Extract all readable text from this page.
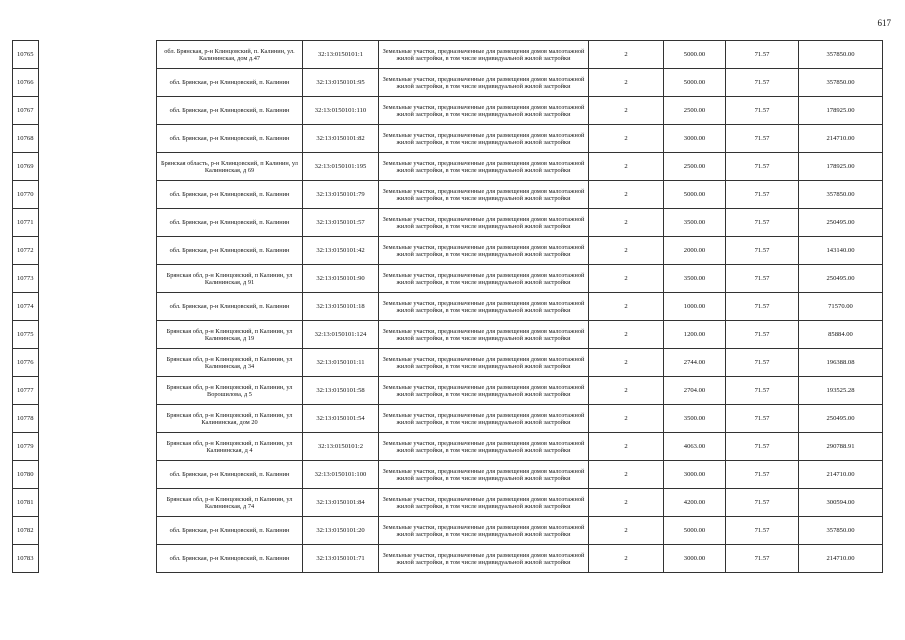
617
10765		обл. Брянская, р-н Клинцовский, п. Калинин, ул. Калининская, дом д.47	32:13:0150101:1	Земельные участки, предназначенные для размещения домов малоэтажной жилой застройки, в том числе индивидуальной жилой застройки	2	5000.00	71.57	357850.00
10766		обл. Брянская, р-н Клинцовский, п. Калинин	32:13:0150101:95	Земельные участки, предназначенные для размещения домов малоэтажной жилой застройки, в том числе индивидуальной жилой застройки	2	5000.00	71.57	357850.00
10767		обл. Брянская, р-н Клинцовский, п. Калинин	32:13:0150101:110	Земельные участки, предназначенные для размещения домов малоэтажной жилой застройки, в том числе индивидуальной жилой застройки	2	2500.00	71.57	178925.00
10768		обл. Брянская, р-н Клинцовский, п. Калинин	32:13:0150101:82	Земельные участки, предназначенные для размещения домов малоэтажной жилой застройки, в том числе индивидуальной жилой застройки	2	3000.00	71.57	214710.00
10769		Брянская область, р-н Клинцовский, п Калинин, ул Калининская, д 69	32:13:0150101:195	Земельные участки, предназначенные для размещения домов малоэтажной жилой застройки, в том числе индивидуальной жилой застройки	2	2500.00	71.57	178925.00
10770		обл. Брянская, р-н Клинцовский, п. Калинин	32:13:0150101:79	Земельные участки, предназначенные для размещения домов малоэтажной жилой застройки, в том числе индивидуальной жилой застройки	2	5000.00	71.57	357850.00
10771		обл. Брянская, р-н Клинцовский, п. Калинин	32:13:0150101:57	Земельные участки, предназначенные для размещения домов малоэтажной жилой застройки, в том числе индивидуальной жилой застройки	2	3500.00	71.57	250495.00
10772		обл. Брянская, р-н Клинцовский, п. Калинин	32:13:0150101:42	Земельные участки, предназначенные для размещения домов малоэтажной жилой застройки, в том числе индивидуальной жилой застройки	2	2000.00	71.57	143140.00
10773		Брянская обл, р-н Клинцовский, п Калинин, ул Калининская, д 91	32:13:0150101:90	Земельные участки, предназначенные для размещения домов малоэтажной жилой застройки, в том числе индивидуальной жилой застройки	2	3500.00	71.57	250495.00
10774		обл. Брянская, р-н Клинцовский, п. Калинин	32:13:0150101:18	Земельные участки, предназначенные для размещения домов малоэтажной жилой застройки, в том числе индивидуальной жилой застройки	2	1000.00	71.57	71570.00
10775		Брянская обл, р-н Клинцовский, п Калинин, ул Калининская, д 19	32:13:0150101:124	Земельные участки, предназначенные для размещения домов малоэтажной жилой застройки, в том числе индивидуальной жилой застройки	2	1200.00	71.57	85884.00
10776		Брянская обл, р-н Клинцовский, п Калинин, ул Калининская, д 34	32:13:0150101:11	Земельные участки, предназначенные для размещения домов малоэтажной жилой застройки, в том числе индивидуальной жилой застройки	2	2744.00	71.57	196388.08
10777		Брянская обл, р-н Клинцовский, п Калинин, ул Ворошилова, д 5	32:13:0150101:58	Земельные участки, предназначенные для размещения домов малоэтажной жилой застройки, в том числе индивидуальной жилой застройки	2	2704.00	71.57	193525.28
10778		Брянская обл, р-н Клинцовский, п Калинин, ул Калининская, дом 20	32:13:0150101:54	Земельные участки, предназначенные для размещения домов малоэтажной жилой застройки, в том числе индивидуальной жилой застройки	2	3500.00	71.57	250495.00
10779		Брянская обл, р-н Клинцовский, п Калинин, ул Калининская, д 4	32:13:0150101:2	Земельные участки, предназначенные для размещения домов малоэтажной жилой застройки, в том числе индивидуальной жилой застройки	2	4063.00	71.57	290788.91
10780		обл. Брянская, р-н Клинцовский, п. Калинин	32:13:0150101:100	Земельные участки, предназначенные для размещения домов малоэтажной жилой застройки, в том числе индивидуальной жилой застройки	2	3000.00	71.57	214710.00
10781		Брянская обл, р-н Клинцовский, п Калинин, ул Калининская, д 74	32:13:0150101:84	Земельные участки, предназначенные для размещения домов малоэтажной жилой застройки, в том числе индивидуальной жилой застройки	2	4200.00	71.57	300594.00
10782		обл. Брянская, р-н Клинцовский, п. Калинин	32:13:0150101:20	Земельные участки, предназначенные для размещения домов малоэтажной жилой застройки, в том числе индивидуальной жилой застройки	2	5000.00	71.57	357850.00
10783		обл. Брянская, р-н Клинцовский, п. Калинин	32:13:0150101:71	Земельные участки, предназначенные для размещения домов малоэтажной жилой застройки, в том числе индивидуальной жилой застройки	2	3000.00	71.57	214710.00
